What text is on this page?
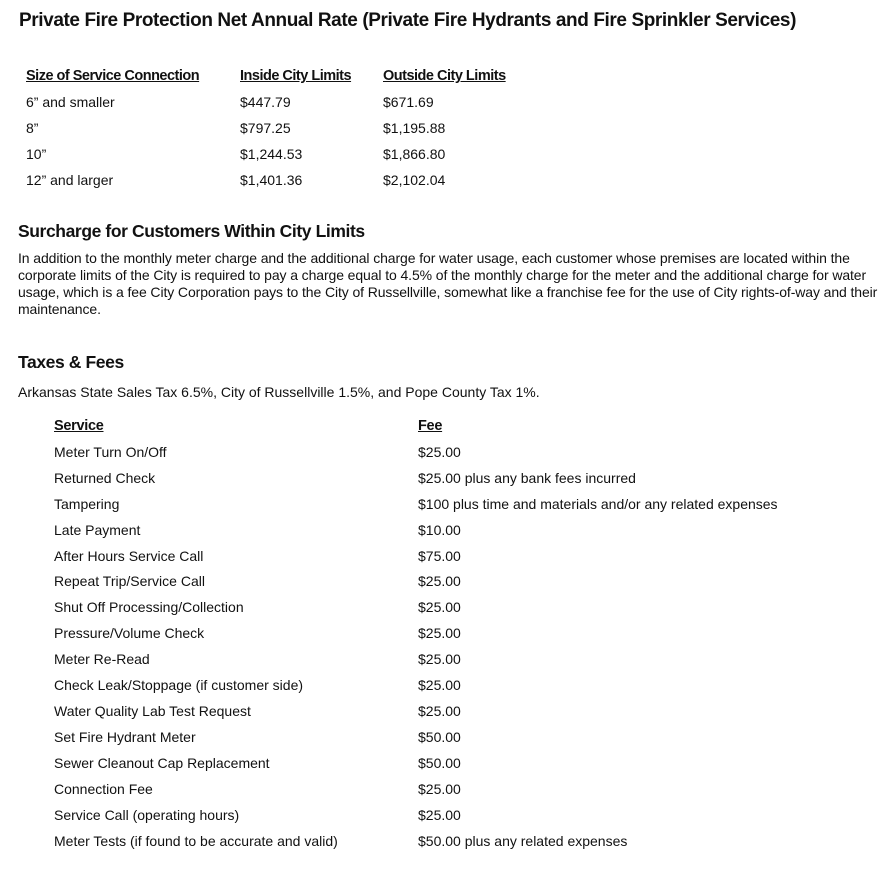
Private Fire Protection Net Annual Rate (Private Fire Hydrants and Fire Sprinkler Services)
Size of Service Connection	Inside City Limits	Outside City Limits
6” and smaller	$447.79	$671.69
8”	$797.25	$1,195.88
10”	$1,244.53	$1,866.80
12” and larger	$1,401.36	$2,102.04
Surcharge for Customers Within City Limits

In addition to the monthly meter charge and the additional charge for water usage, each customer whose premises are located within the corporate limits of the City is required to pay a charge equal to 4.5% of the monthly charge for the meter and the additional charge for water usage, which is a fee City Corporation pays to the City of Russellville, somewhat like a franchise fee for the use of City rights-of-way and their maintenance.

Taxes & Fees

Arkansas State Sales Tax 6.5%, City of Russellville 1.5%, and Pope County Tax 1%.

Service	Fee
Meter Turn On/Off	$25.00
Returned Check	$25.00 plus any bank fees incurred
Tampering	$100 plus time and materials and/or any related expenses
Late Payment	$10.00
After Hours Service Call	$75.00
Repeat Trip/Service Call	$25.00
Shut Off Processing/Collection	$25.00
Pressure/Volume Check	$25.00
Meter Re-Read	$25.00
Check Leak/Stoppage (if customer side)	$25.00
Water Quality Lab Test Request	$25.00
Set Fire Hydrant Meter	$50.00
Sewer Cleanout Cap Replacement	$50.00
Connection Fee	$25.00
Service Call (operating hours)	$25.00
Meter Tests (if found to be accurate and valid)	$50.00 plus any related expenses
